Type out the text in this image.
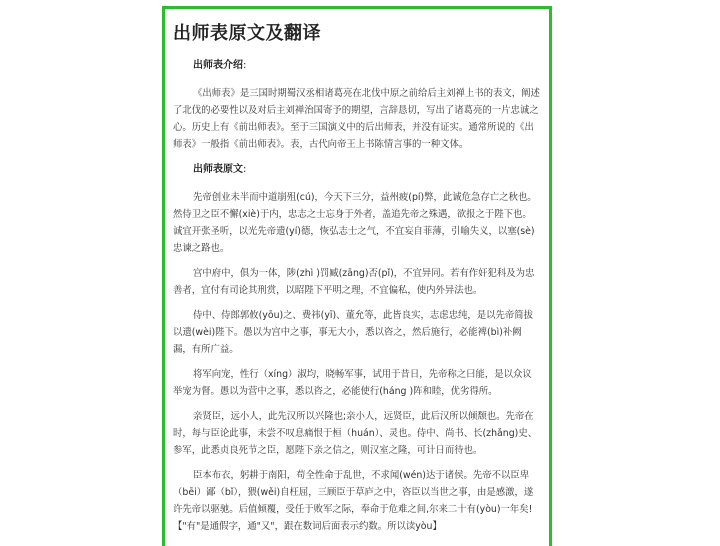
出师表原文及翻译
出师表介绍:

《出师表》是三国时期蜀汉丞相诸葛亮在北伐中原之前给后主刘禅上书的表文，阐述了北伐的必要性以及对后主刘禅治国寄予的期望，言辞恳切，写出了诸葛亮的一片忠诚之心。历史上有《前出师表》。至于三国演义中的后出师表，并没有证实。通常所说的《出师表》一般指《前出师表》。表，古代向帝王上书陈情言事的一种文体。

出师表原文:

先帝创业未半而中道崩殂(cú)，今天下三分，益州疲(pí)弊，此诚危急存亡之秋也。然侍卫之臣不懈(xiè)于内，忠志之士忘身于外者，盖追先帝之殊遇，欲报之于陛下也。诚宜开张圣听，以光先帝遗(yí)德，恢弘志士之气，不宜妄自菲薄，引喻失义，以塞(sè)忠谏之路也。

宫中府中，俱为一体，陟(zhì )罚臧(zāng)否(pǐ)，不宜异同。若有作奸犯科及为忠善者，宜付有司论其刑赏，以昭陛下平明之理，不宜偏私，使内外异法也。

侍中、侍郎郭攸(yōu)之、费祎(yī)、董允等，此皆良实，志虑忠纯，是以先帝简拔以遗(wèi)陛下。愚以为宫中之事，事无大小，悉以咨之，然后施行，必能裨(bì)补阙漏，有所广益。

将军向宠，性行（xíng）淑均，晓畅军事，试用于昔日，先帝称之曰能，是以众议举宠为督。愚以为营中之事，悉以咨之，必能使行(háng )阵和睦，优劣得所。

亲贤臣，远小人，此先汉所以兴隆也;亲小人，远贤臣，此后汉所以倾颓也。先帝在时，每与臣论此事，未尝不叹息痛恨于桓（huán）、灵也。侍中、尚书、长(zhǎng)史、参军，此悉贞良死节之臣，愿陛下亲之信之，则汉室之隆，可计日而待也。

臣本布衣，躬耕于南阳，苟全性命于乱世，不求闻(wén)达于诸侯。先帝不以臣卑（bēi）鄙（bǐ），猥(wěi)自枉屈，三顾臣于草庐之中，咨臣以当世之事，由是感激，遂许先帝以驱驰。后值倾覆，受任于败军之际，奉命于危难之间,尔来二十有(yòu)一年矣!

【"有"是通假字，通"又"，跟在数词后面表示约数。所以读yòu】
